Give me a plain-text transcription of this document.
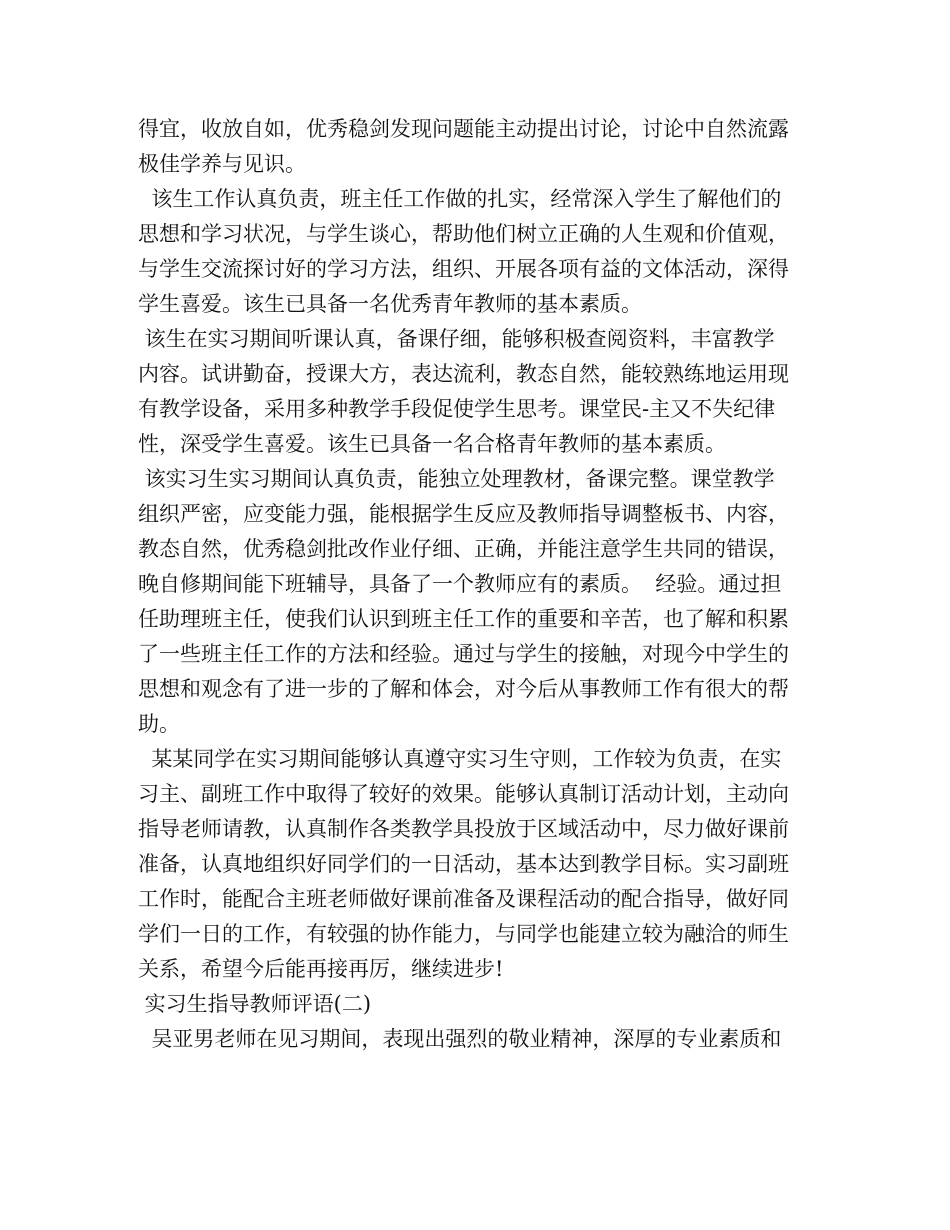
得宜，收放自如，优秀稳剑发现问题能主动提出讨论，讨论中自然流露
极佳学养与见识。
该生工作认真负责，班主任工作做的扎实，经常深入学生了解他们的
思想和学习状况，与学生谈心，帮助他们树立正确的人生观和价值观，
与学生交流探讨好的学习方法，组织、开展各项有益的文体活动，深得
学生喜爱。该生已具备一名优秀青年教师的基本素质。
该生在实习期间听课认真，备课仔细，能够积极查阅资料，丰富教学
内容。试讲勤奋，授课大方，表达流利，教态自然，能较熟练地运用现
有教学设备，采用多种教学手段促使学生思考。课堂民-主又不失纪律
性，深受学生喜爱。该生已具备一名合格青年教师的基本素质。
该实习生实习期间认真负责，能独立处理教材，备课完整。课堂教学
组织严密，应变能力强，能根据学生反应及教师指导调整板书、内容，
教态自然，优秀稳剑批改作业仔细、正确，并能注意学生共同的错误，
晚自修期间能下班辅导，具备了一个教师应有的素质。  经验。通过担
任助理班主任，使我们认识到班主任工作的重要和辛苦，也了解和积累
了一些班主任工作的方法和经验。通过与学生的接触，对现今中学生的
思想和观念有了进一步的了解和体会，对今后从事教师工作有很大的帮
助。
某某同学在实习期间能够认真遵守实习生守则，工作较为负责，在实
习主、副班工作中取得了较好的效果。能够认真制订活动计划，主动向
指导老师请教，认真制作各类教学具投放于区域活动中，尽力做好课前
准备，认真地组织好同学们的一日活动，基本达到教学目标。实习副班
工作时，能配合主班老师做好课前准备及课程活动的配合指导，做好同
学们一日的工作，有较强的协作能力，与同学也能建立较为融洽的师生
关系，希望今后能再接再厉，继续进步!
实习生指导教师评语(二)
吴亚男老师在见习期间，表现出强烈的敬业精神，深厚的专业素质和
